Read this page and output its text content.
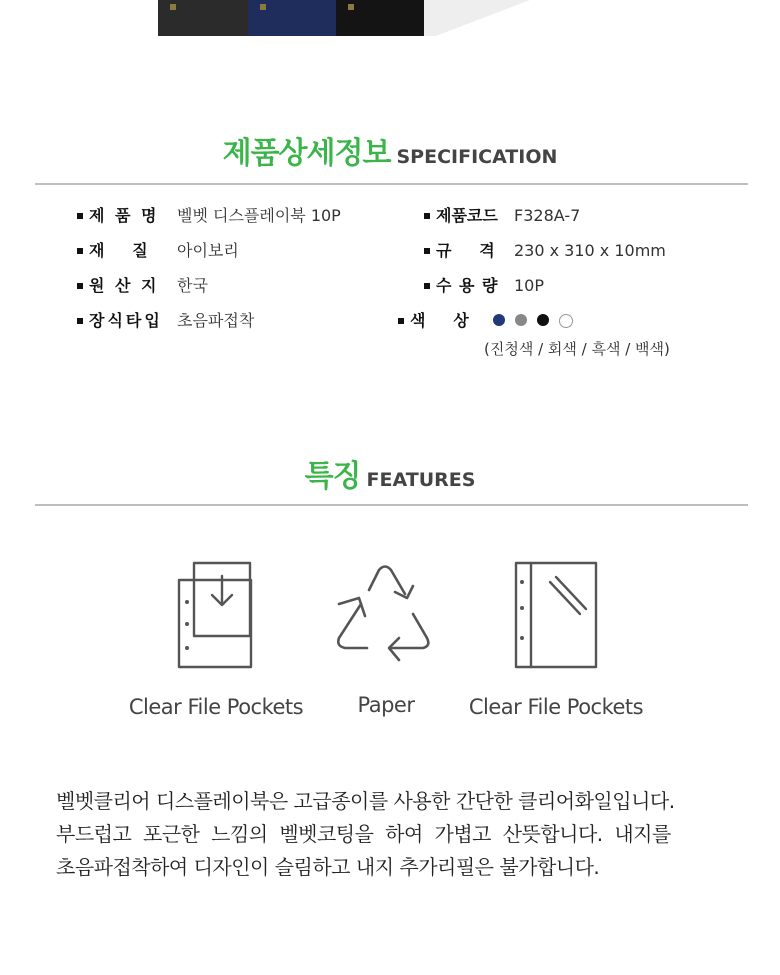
제품상세정보 SPECIFICATION
제 품 명 벨벳 디스플레이북 10P
재     질 아이보리
원 산 지 한국
장식타입 초음파접착
제품코드 F328A-7
규     격 230 x 310 x 10mm
수 용 량 10P
색     상
(진청색 / 회색 / 흑색 / 백색)
특징 FEATURES
Clear File Pockets	Paper	Clear File Pockets
벨벳클리어 디스플레이북은 고급종이를 사용한 간단한 클리어화일입니다.
부드럽고  포근한  느낌의  벨벳코팅을  하여  가볍고  산뜻합니다.  내지를
초음파접착하여 디자인이 슬림하고 내지 추가리필은 불가합니다.
